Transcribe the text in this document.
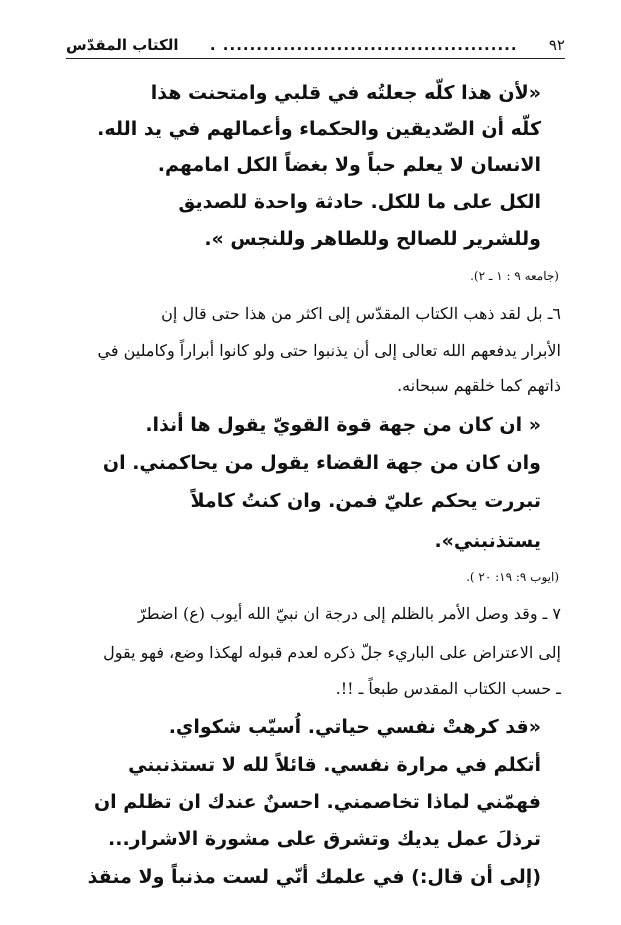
٩٢
............................................ .
الكتاب المقدّس
«لأن هذا كلّه جعلتُه في قلبي وامتحنت هذا
كلّه أن الصّديقين والحكماء وأعمالهم في يد الله.
الانسان لا يعلم حباً ولا بغضاً الكل امامهم.
الكل على ما للكل. حادثة واحدة للصديق
وللشرير للصالح وللطاهر وللنجس ».
(جامعه ٩ : ١ ـ ٢).
٦ـ بل لقد ذهب الكتاب المقدّس إلى اكثر من هذا حتى قال إن
الأبرار يدفعهم الله تعالى إلى أن يذنبوا حتى ولو كانوا أبراراً وكاملين في
ذاتهم كما خلقهم سبحانه.
« ان كان من جهة قوة القويّ يقول ها أنذا.
وان كان من جهة القضاء يقول من يحاكمني. ان
تبررت يحكم عليّ فمن. وان كنتُ كاملاً
يستذنبني».
(ايوب ٩: ١٩: ٢٠ ).
٧ ـ وقد وصل الأمر بالظلم إلى درجة ان نبيّ الله أيوب (ع) اضطرّ
إلى الاعتراض على الباريء جلّ ذكره لعدم قبوله لهكذا وضع، فهو يقول
ـ حسب الكتاب المقدس طبعاً ـ !!.
«قد كرهتْ نفسي حياتي. اُسيّب شكواي.
أتكلم في مرارة نفسي. قائلاً لله لا تستذنبني
فهمّني لماذا تخاصمني. احسنٌ عندك ان تظلم ان
ترذلَ عمل يديك وتشرق على مشورة الاشرار...
(إلى أن قال:) في علمك أنّي لست مذنباً ولا منقذ
